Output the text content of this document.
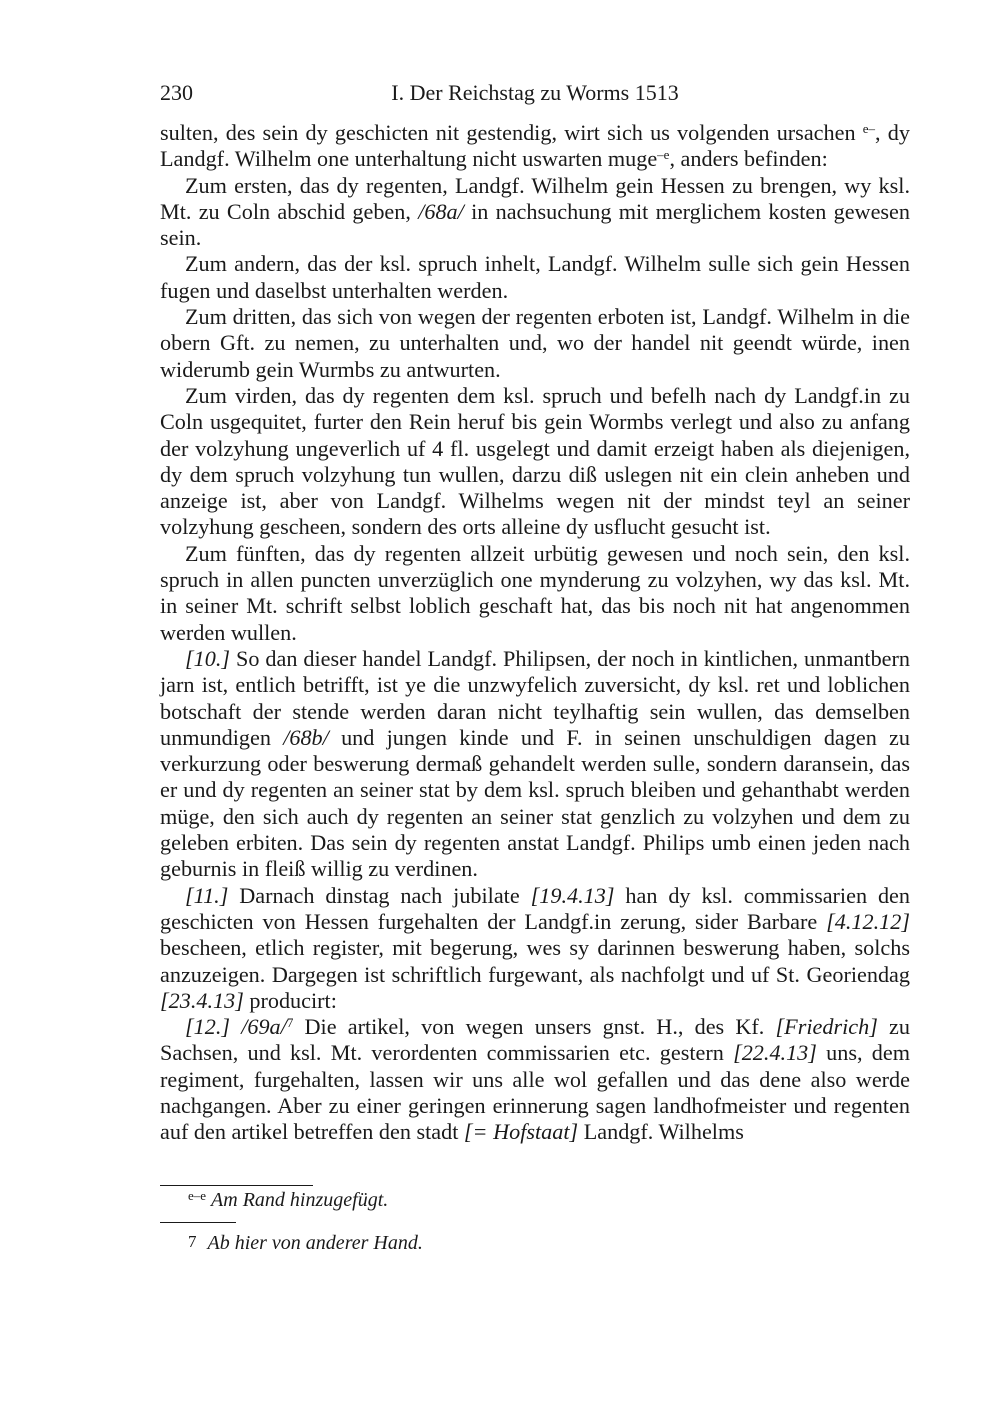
230	I. Der Reichstag zu Worms 1513

sulten, des sein dy geschicten nit gestendig, wirt sich us volgenden ursachen $^{e-}$, dy Landgf. Wilhelm one unterhaltung nicht uswarten muge$^{-e}$, anders befinden:

Zum ersten, das dy regenten, Landgf. Wilhelm gein Hessen zu brengen, wy ksl. Mt. zu Coln abschid geben, /68a/ in nachsuchung mit merglichem kosten gewesen sein.

Zum andern, das der ksl. spruch inhelt, Landgf. Wilhelm sulle sich gein Hessen fugen und daselbst unterhalten werden.

Zum dritten, das sich von wegen der regenten erboten ist, Landgf. Wilhelm in die obern Gft. zu nemen, zu unterhalten und, wo der handel nit geendt würde, inen widerumb gein Wurmbs zu antwurten.

Zum virden, das dy regenten dem ksl. spruch und befelh nach dy Landgf.in zu Coln usgequitet, furter den Rein heruf bis gein Wormbs verlegt und also zu anfang der volzyhung ungeverlich uf 4 fl. usgelegt und damit erzeigt haben als diejenigen, dy dem spruch volzyhung tun wullen, darzu diß uslegen nit ein clein anheben und anzeige ist, aber von Landgf. Wilhelms wegen nit der mindst teyl an seiner volzyhung gescheen, sondern des orts alleine dy usflucht gesucht ist.

Zum fünften, das dy regenten allzeit urbütig gewesen und noch sein, den ksl. spruch in allen puncten unverzüglich one mynderung zu volzyhen, wy das ksl. Mt. in seiner Mt. schrift selbst loblich geschaft hat, das bis noch nit hat angenommen werden wullen.

[10.] So dan dieser handel Landgf. Philipsen, der noch in kintlichen, unmantbern jarn ist, entlich betrifft, ist ye die unzwyfelich zuversicht, dy ksl. ret und loblichen botschaft der stende werden daran nicht teylhaftig sein wullen, das demselben unmundigen /68b/ und jungen kinde und F. in seinen unschuldigen dagen zu verkurzung oder beswerung dermaß gehandelt werden sulle, sondern daransein, das er und dy regenten an seiner stat by dem ksl. spruch bleiben und gehanthabt werden müge, den sich auch dy regenten an seiner stat genzlich zu volzyhen und dem zu geleben erbiten. Das sein dy regenten anstat Landgf. Philips umb einen jeden nach geburnis in fleiß willig zu verdinen.

[11.] Darnach dinstag nach jubilate [19.4.13] han dy ksl. commissarien den geschicten von Hessen furgehalten der Landgf.in zerung, sider Barbare [4.12.12] bescheen, etlich register, mit begerung, wes sy darinnen beswerung haben, solchs anzuzeigen. Dargegen ist schriftlich furgewant, als nachfolgt und uf St. Georiendag [23.4.13] producirt:

[12.] /69a/$^7$ Die artikel, von wegen unsers gnst. H., des Kf. [Friedrich] zu Sachsen, und ksl. Mt. verordenten commissarien etc. gestern [22.4.13] uns, dem regiment, furgehalten, lassen wir uns alle wol gefallen und das dene also werde nachgangen. Aber zu einer geringen erinnerung sagen landhofmeister und regenten auf den artikel betreffen den stadt [= Hofstaat] Landgf. Wilhelms

$^{e-e}$ Am Rand hinzugefügt.
7 Ab hier von anderer Hand.
